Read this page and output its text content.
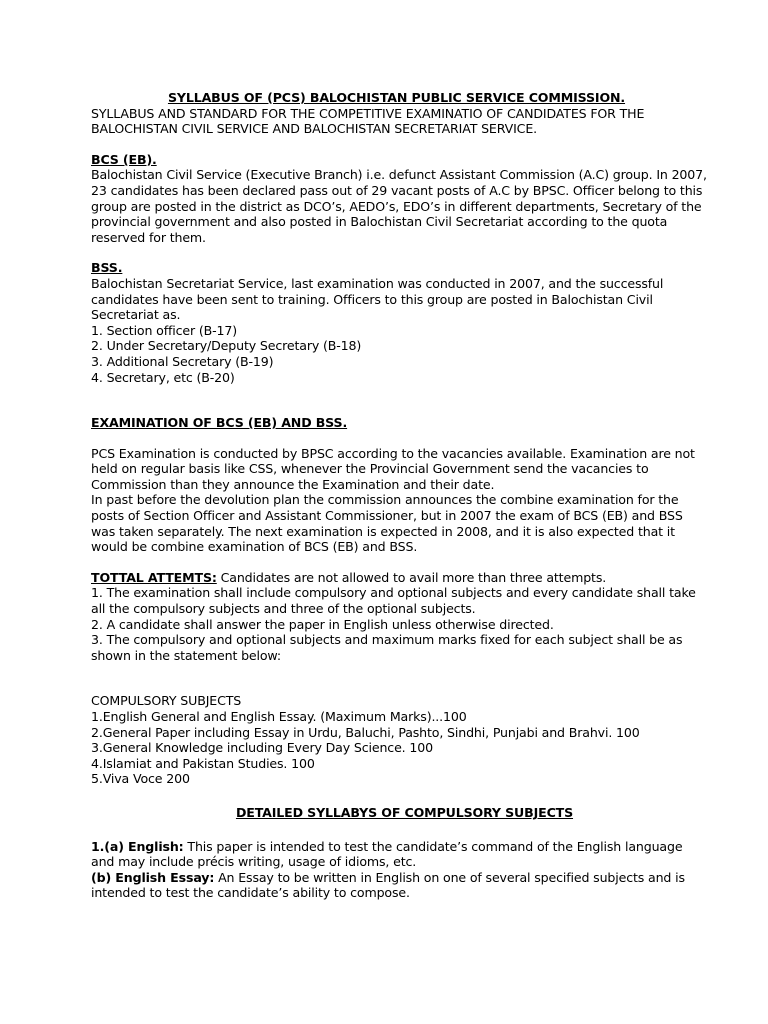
SYLLABUS OF (PCS) BALOCHISTAN PUBLIC SERVICE COMMISSION.

SYLLABUS AND STANDARD FOR THE COMPETITIVE EXAMINATIO OF CANDIDATES FOR THE BALOCHISTAN CIVIL SERVICE AND BALOCHISTAN SECRETARIAT SERVICE.

BCS (EB).

Balochistan Civil Service (Executive Branch) i.e. defunct Assistant Commission (A.C) group. In 2007, 23 candidates has been declared pass out of 29 vacant posts of A.C by BPSC. Officer belong to this group are posted in the district as DCO’s, AEDO’s, EDO’s in different departments, Secretary of the provincial government and also posted in Balochistan Civil Secretariat according to the quota reserved for them.

BSS.

Balochistan Secretariat Service, last examination was conducted in 2007, and the successful candidates have been sent to training. Officers to this group are posted in Balochistan Civil Secretariat as.

1. Section officer (B-17)

2. Under Secretary/Deputy Secretary (B-18)

3. Additional Secretary (B-19)

4. Secretary, etc (B-20)

EXAMINATION OF BCS (EB) AND BSS.

PCS Examination is conducted by BPSC according to the vacancies available. Examination are not held on regular basis like CSS, whenever the Provincial Government send the vacancies to Commission than they announce the Examination and their date.

In past before the devolution plan the commission announces the combine examination for the posts of Section Officer and Assistant Commissioner, but in 2007 the exam of BCS (EB) and BSS was taken separately. The next examination is expected in 2008, and it is also expected that it would be combine examination of BCS (EB) and BSS.

TOTTAL ATTEMTS: Candidates are not allowed to avail more than three attempts.

1. The examination shall include compulsory and optional subjects and every candidate shall take all the compulsory subjects and three of the optional subjects.

2. A candidate shall answer the paper in English unless otherwise directed.

3. The compulsory and optional subjects and maximum marks fixed for each subject shall be as shown in the statement below:

COMPULSORY SUBJECTS

1.English General and English Essay. (Maximum Marks)...100

2.General Paper including Essay in Urdu, Baluchi, Pashto, Sindhi, Punjabi and Brahvi. 100

3.General Knowledge including Every Day Science. 100

4.Islamiat and Pakistan Studies. 100

5.Viva Voce 200

DETAILED SYLLABYS OF COMPULSORY SUBJECTS

1.(a) English: This paper is intended to test the candidate’s command of the English language and may include précis writing, usage of idioms, etc.

(b) English Essay: An Essay to be written in English on one of several specified subjects and is intended to test the candidate’s ability to compose.
